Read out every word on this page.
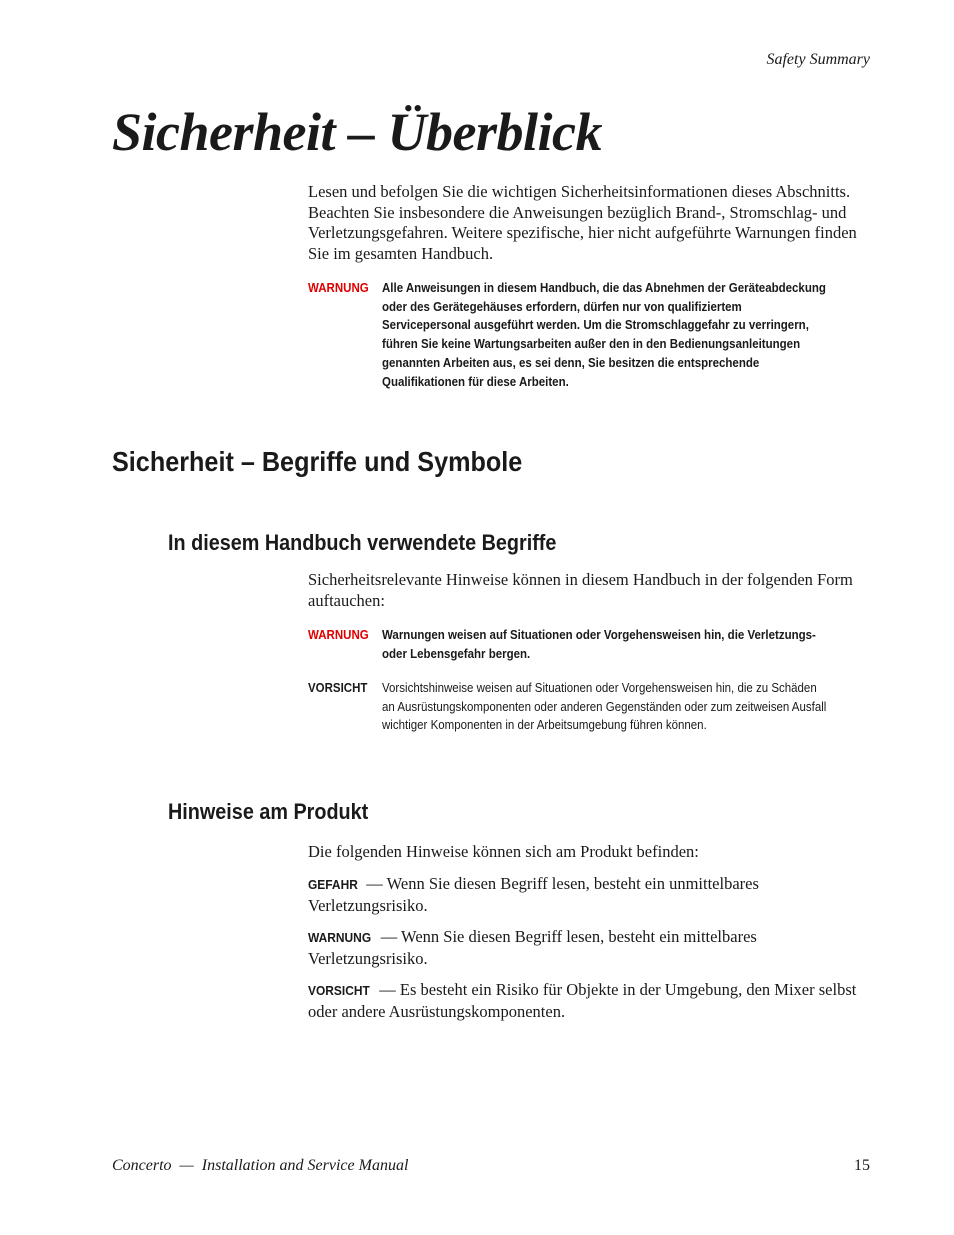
Safety Summary
Sicherheit – Überblick

Lesen und befolgen Sie die wichtigen Sicherheitsinformationen dieses Abschnitts. Beachten Sie insbesondere die Anweisungen bezüglich Brand-, Stromschlag- und Verletzungsgefahren. Weitere spezifische, hier nicht aufgeführte Warnungen finden Sie im gesamten Handbuch.

WARNUNG	Alle Anweisungen in diesem Handbuch, die das Abnehmen der Geräteabdeckung oder des Gerätegehäuses erfordern, dürfen nur von qualifiziertem Servicepersonal ausgeführt werden. Um die Stromschlaggefahr zu verringern, führen Sie keine Wartungsarbeiten außer den in den Bedienungsanleitungen genannten Arbeiten aus, es sei denn, Sie besitzen die entsprechende Qualifikationen für diese Arbeiten.
Sicherheit – Begriffe und Symbole
In diesem Handbuch verwendete Begriffe

Sicherheitsrelevante Hinweise können in diesem Handbuch in der folgenden Form auftauchen:

WARNUNG	Warnungen weisen auf Situationen oder Vorgehensweisen hin, die Verletzungs- oder Lebensgefahr bergen.
VORSICHT	Vorsichtshinweise weisen auf Situationen oder Vorgehensweisen hin, die zu Schäden an Ausrüstungskomponenten oder anderen Gegenständen oder zum zeitweisen Ausfall wichtiger Komponenten in der Arbeitsumgebung führen können.
Hinweise am Produkt

Die folgenden Hinweise können sich am Produkt befinden:

GEFAHR — Wenn Sie diesen Begriff lesen, besteht ein unmittelbares Verletzungsrisiko.

WARNUNG — Wenn Sie diesen Begriff lesen, besteht ein mittelbares Verletzungsrisiko.

VORSICHT — Es besteht ein Risiko für Objekte in der Umgebung, den Mixer selbst oder andere Ausrüstungskomponenten.

Concerto  —  Installation and Service Manual	15
